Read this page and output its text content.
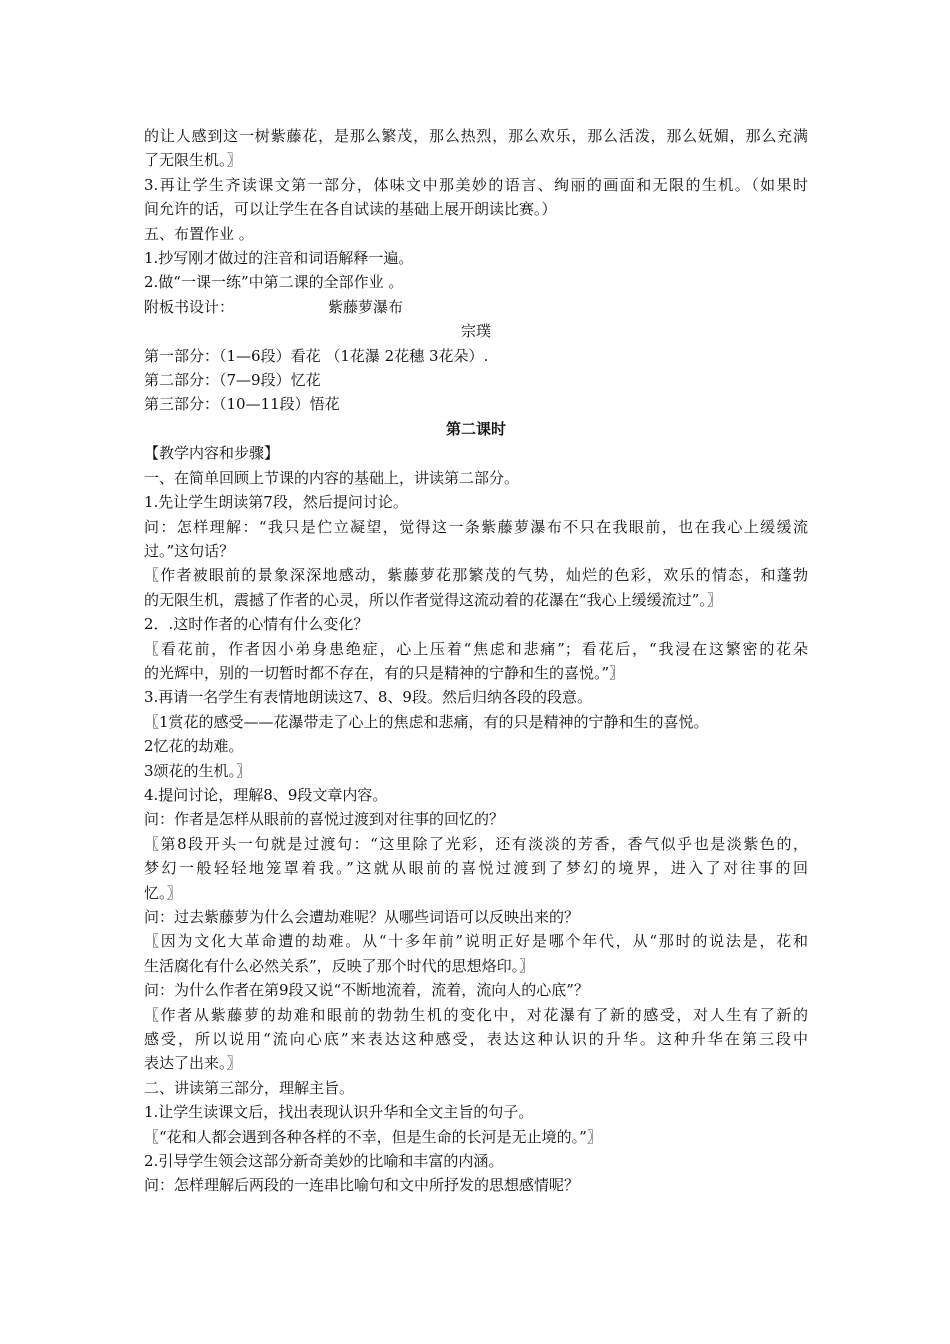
的让人感到这一树紫藤花，是那么繁茂，那么热烈，那么欢乐，那么活泼，那么妩媚，那么充满
了无限生机。〗
3.再让学生齐读课文第一部分，体味文中那美妙的语言、绚丽的画面和无限的生机。（如果时
间允许的话，可以让学生在各自试读的基础上展开朗读比赛。）
五、布置作业 。
1.抄写刚才做过的注音和词语解释一遍。
2.做“一课一练”中第二课的全部作业 。
附板书设计：	紫藤萝瀑布
宗璞
第一部分：（1—6段）看花 （1花瀑 2花穗 3花朵）.
第二部分：（7—9段）忆花
第三部分：（10—11段）悟花
第二课时
【教学内容和步骤】
一、在简单回顾上节课的内容的基础上，讲读第二部分。
1.先让学生朗读第7段，然后提问讨论。
问：怎样理解：“我只是伫立凝望，觉得这一条紫藤萝瀑布不只在我眼前，也在我心上缓缓流
过。”这句话？
〖作者被眼前的景象深深地感动，紫藤萝花那繁茂的气势，灿烂的色彩，欢乐的情态，和蓬勃
的无限生机，震撼了作者的心灵，所以作者觉得这流动着的花瀑在“我心上缓缓流过”。〗
2．.这时作者的心情有什么变化？
〖看花前，作者因小弟身患绝症，心上压着“焦虑和悲痛”；看花后，“我浸在这繁密的花朵
的光辉中，别的一切暂时都不存在，有的只是精神的宁静和生的喜悦。”〗
3.再请一名学生有表情地朗读这7、8、9段。然后归纳各段的段意。
〖1赏花的感受——花瀑带走了心上的焦虑和悲痛，有的只是精神的宁静和生的喜悦。
2忆花的劫难。
3颂花的生机。〗
4.提问讨论，理解8、9段文章内容。
问：作者是怎样从眼前的喜悦过渡到对往事的回忆的？
〖第8段开头一句就是过渡句：“这里除了光彩，还有淡淡的芳香，香气似乎也是淡紫色的，
梦幻一般轻轻地笼罩着我。”这就从眼前的喜悦过渡到了梦幻的境界，进入了对往事的回
忆。〗
问：过去紫藤萝为什么会遭劫难呢？从哪些词语可以反映出来的？
〖因为文化大革命遭的劫难。从“十多年前”说明正好是哪个年代，从“那时的说法是，花和
生活腐化有什么必然关系”，反映了那个时代的思想烙印。〗
问：为什么作者在第9段又说“不断地流着，流着，流向人的心底”？
〖作者从紫藤萝的劫难和眼前的勃勃生机的变化中，对花瀑有了新的感受，对人生有了新的
感受，所以说用“流向心底”来表达这种感受，表达这种认识的升华。这种升华在第三段中
表达了出来。〗
二、讲读第三部分，理解主旨。
1.让学生读课文后，找出表现认识升华和全文主旨的句子。
〖“花和人都会遇到各种各样的不幸，但是生命的长河是无止境的。”〗
2.引导学生领会这部分新奇美妙的比喻和丰富的内涵。
问：怎样理解后两段的一连串比喻句和文中所抒发的思想感情呢？
